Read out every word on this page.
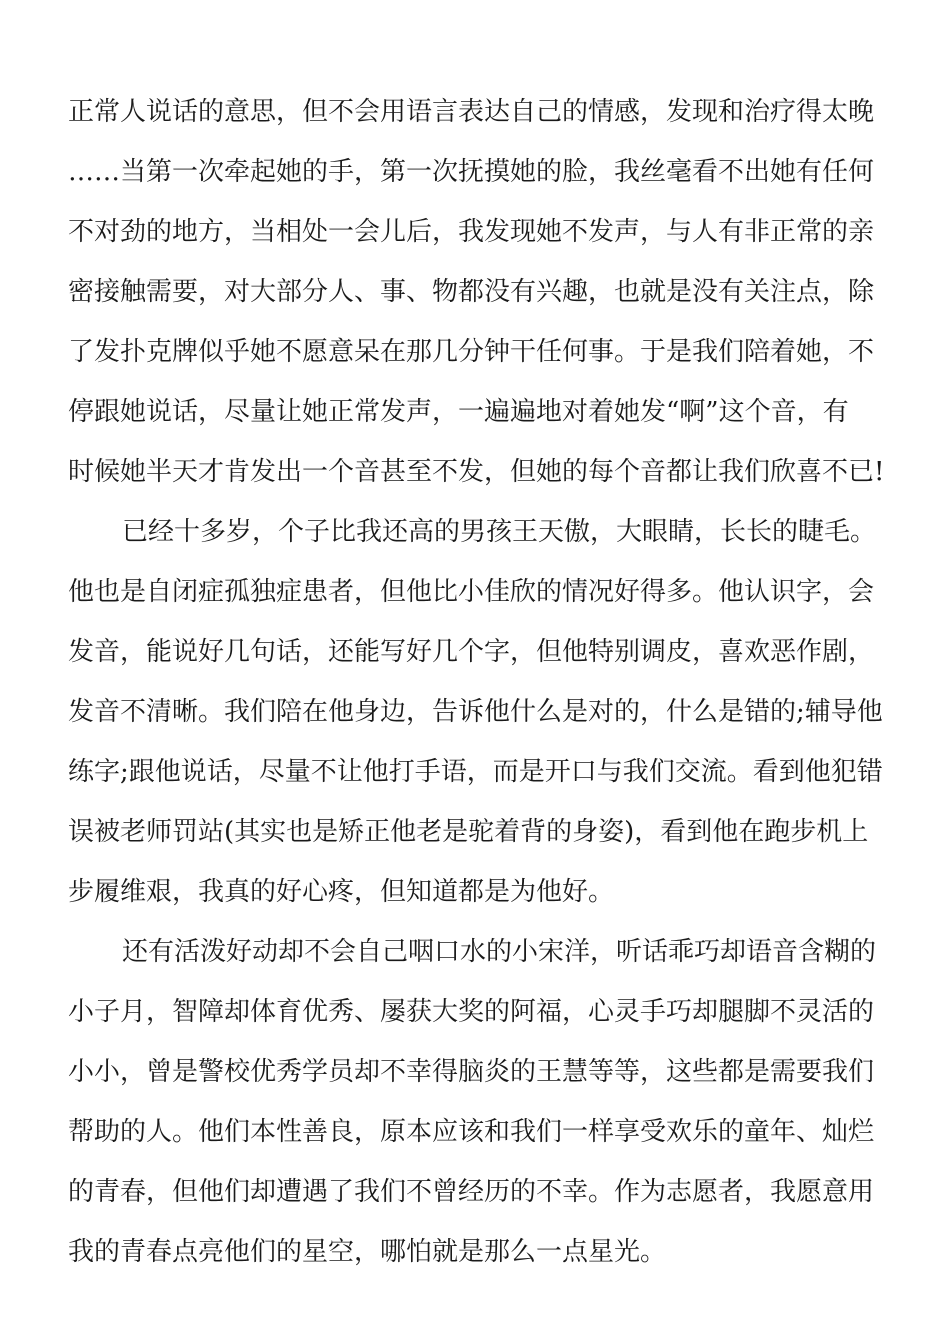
正常人说话的意思，但不会用语言表达自己的情感，发现和治疗得太晚
……当第一次牵起她的手，第一次抚摸她的脸，我丝毫看不出她有任何
不对劲的地方，当相处一会儿后，我发现她不发声，与人有非正常的亲
密接触需要，对大部分人、事、物都没有兴趣，也就是没有关注点，除
了发扑克牌似乎她不愿意呆在那几分钟干任何事。于是我们陪着她，不
停跟她说话，尽量让她正常发声，一遍遍地对着她发“啊”这个音，有
时候她半天才肯发出一个音甚至不发，但她的每个音都让我们欣喜不已!
已经十多岁，个子比我还高的男孩王天傲，大眼睛，长长的睫毛。
他也是自闭症孤独症患者，但他比小佳欣的情况好得多。他认识字，会
发音，能说好几句话，还能写好几个字，但他特别调皮，喜欢恶作剧，
发音不清晰。我们陪在他身边，告诉他什么是对的，什么是错的;辅导他
练字;跟他说话，尽量不让他打手语，而是开口与我们交流。看到他犯错
误被老师罚站(其实也是矫正他老是驼着背的身姿)，看到他在跑步机上
步履维艰，我真的好心疼，但知道都是为他好。
还有活泼好动却不会自己咽口水的小宋洋，听话乖巧却语音含糊的
小子月，智障却体育优秀、屡获大奖的阿福，心灵手巧却腿脚不灵活的
小小，曾是警校优秀学员却不幸得脑炎的王慧等等，这些都是需要我们
帮助的人。他们本性善良，原本应该和我们一样享受欢乐的童年、灿烂
的青春，但他们却遭遇了我们不曾经历的不幸。作为志愿者，我愿意用
我的青春点亮他们的星空，哪怕就是那么一点星光。
